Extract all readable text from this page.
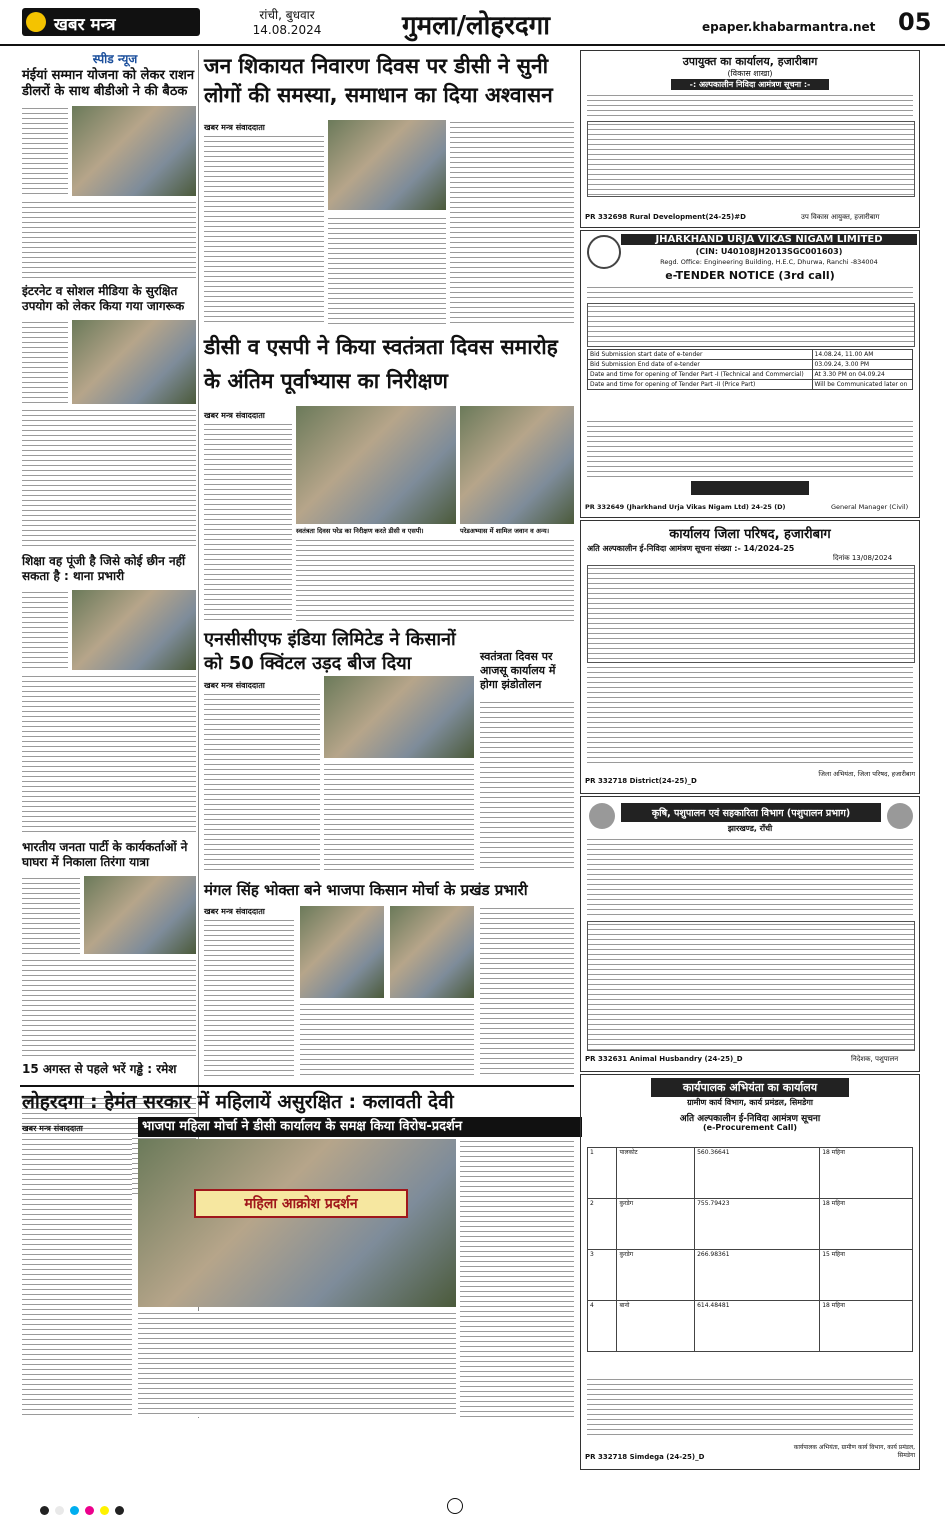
खबर मन्त्र	रांची, बुधवार
14.08.2024	गुमला/लोहरदगा	epaper.khabarmantra.net 05
स्पीड न्यूज
मंईयां सम्मान योजना को लेकर राशन डीलरों के साथ बीडीओ ने की बैठक
इंटरनेट व सोशल मीडिया के सुरक्षित उपयोग को लेकर किया गया जागरूक
शिक्षा वह पूंजी है जिसे कोई छीन नहीं सकता है : थाना प्रभारी
भारतीय जनता पार्टी के कार्यकर्ताओं ने घाघरा में निकाला तिरंगा यात्रा
15 अगस्त से पहले भरें गड्ढे : रमेश
जन शिकायत निवारण दिवस पर डीसी ने सुनी लोगों की समस्या, समाधान का दिया अश्वासन
खबर मन्त्र संवाददाता
डीसी व एसपी ने किया स्वतंत्रता दिवस समारोह के अंतिम पूर्वाभ्यास का निरीक्षण
खबर मन्त्र संवाददाता
स्वतंत्रता दिवस परेड का निरीक्षण करते डीसी व एसपी।	परेडअभ्यास में शामिल जवान व अन्य।
एनसीसीएफ इंडिया लिमिटेड ने किसानों को 50 क्विंटल उड़द बीज दिया
खबर मन्त्र संवाददाता
स्वतंत्रता दिवस पर आजसू कार्यालय में होगा झंडोतोलन
मंगल सिंह भोक्ता बने भाजपा किसान मोर्चा के प्रखंड प्रभारी
खबर मन्त्र संवाददाता
लोहरदगा : हेमंत सरकार में महिलायें असुरक्षित : कलावती देवी
खबर मन्त्र संवाददाता	भाजपा महिला मोर्चा ने डीसी कार्यालय के समक्ष किया विरोध-प्रदर्शन
महिला आक्रोश प्रदर्शन
उपायुक्त का कार्यालय, हजारीबाग
(विकास शाखा)
-: अल्पकालीन निविदा आमंत्रण सूचना :-
PR 332698 Rural Development(24-25)#D	उप विकास आयुक्त, हजारीबाग
JHARKHAND URJA VIKAS NIGAM LIMITED
(CIN: U40108JH2013SGC001603)
Regd. Office: Engineering Building, H.E.C, Dhurwa, Ranchi -834004
e-TENDER NOTICE (3rd call)
Bid Submission start date of e-tender	14.08.24, 11.00 AM
Bid Submission End date of e-tender	03.09.24, 3.00 PM
Date and time for opening of Tender Part -I (Technical and Commercial)	At 3.30 PM on 04.09.24
Date and time for opening of Tender Part -II (Price Part)	Will be Communicated later on
PR 332649 (Jharkhand Urja Vikas Nigam Ltd) 24-25 (D)	General Manager (Civil)
कार्यालय जिला परिषद, हजारीबाग
अति अल्पकालीन ई-निविदा आमंत्रण सूचना संख्या :- 14/2024-25
दिनांक 13/08/2024
PR 332718 District(24-25)_D
जिला अभियंता, जिला परिषद, हजारीबाग
कृषि, पशुपालन एवं सहकारिता विभाग (पशुपालन प्रभाग)
झारखण्ड, राँची
PR 332631 Animal Husbandry (24-25)_D	निदेशक, पशुपालन
कार्यपालक अभियंता का कार्यालय
ग्रामीण कार्य विभाग, कार्य प्रमंडल, सिमडेगा
अति अल्पकालीन ई-निविदा आमंत्रण सूचना
(e-Procurement Call)
1	पालकोट	560.36641	18 महिना
2	कुरडेग	755.79423	18 महिना
3	कुरडेग	266.98361	15 महिना
4	बानो	614.48481	18 महिना
PR 332718 Simdega (24-25)_D
कार्यपालक अभियंता, ग्रामीण कार्य विभाग, कार्य प्रमंडल, सिमडेगा
